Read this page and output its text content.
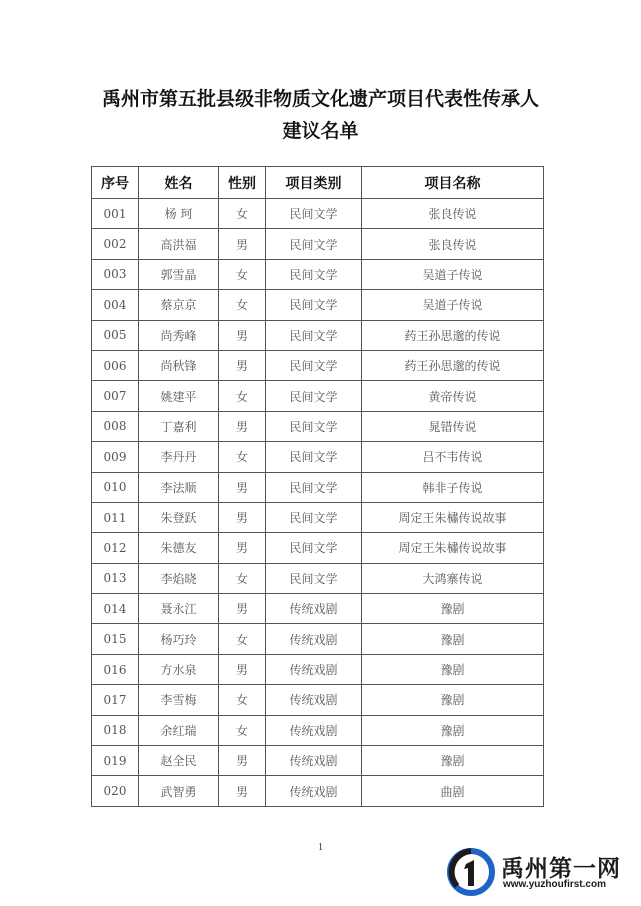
禹州市第五批县级非物质文化遗产项目代表性传承人
建议名单
序号	姓名	性别	项目类别	项目名称
001	杨 珂	女	民间文学	张良传说
002	高洪福	男	民间文学	张良传说
003	郭雪晶	女	民间文学	吴道子传说
004	蔡京京	女	民间文学	吴道子传说
005	尚秀峰	男	民间文学	药王孙思邈的传说
006	尚秋锋	男	民间文学	药王孙思邈的传说
007	姚建平	女	民间文学	黄帝传说
008	丁嘉利	男	民间文学	晁错传说
009	李丹丹	女	民间文学	吕不韦传说
010	李法顺	男	民间文学	韩非子传说
011	朱登跃	男	民间文学	周定王朱橚传说故事
012	朱德友	男	民间文学	周定王朱橚传说故事
013	李焰晓	女	民间文学	大鸿寨传说
014	聂永江	男	传统戏剧	豫剧
015	杨巧玲	女	传统戏剧	豫剧
016	方水泉	男	传统戏剧	豫剧
017	李雪梅	女	传统戏剧	豫剧
018	余红瑞	女	传统戏剧	豫剧
019	赵全民	男	传统戏剧	豫剧
020	武智勇	男	传统戏剧	曲剧
1
禹州第一网
www.yuzhoufirst.com
